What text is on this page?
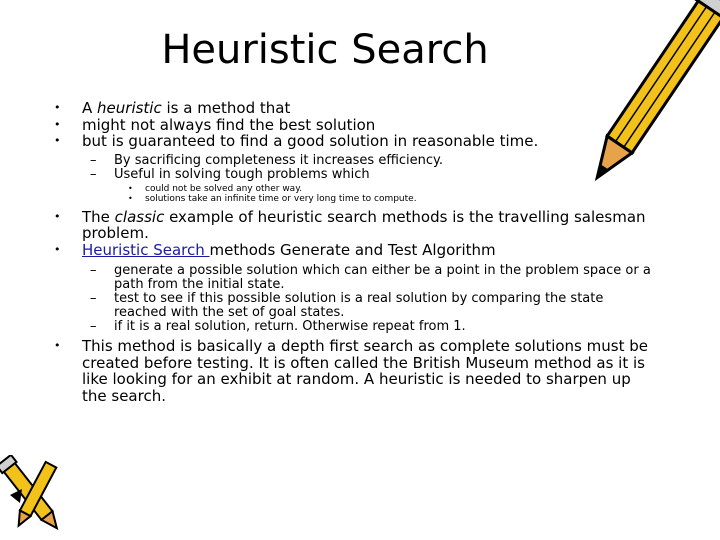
Heuristic Search
• A heuristic is a method that
• might not always find the best solution
• but is guaranteed to find a good solution in reasonable time.
– By sacrificing completeness it increases efficiency.
– Useful in solving tough problems which
• could not be solved any other way.
• solutions take an infinite time or very long time to compute.
• The classic example of heuristic search methods is the travelling salesman problem.
• Heuristic Search methods Generate and Test Algorithm
– generate a possible solution which can either be a point in the problem space or a path from the initial state.
– test to see if this possible solution is a real solution by comparing the state reached with the set of goal states.
– if it is a real solution, return. Otherwise repeat from 1.
• This method is basically a depth first search as complete solutions must be created before testing. It is often called the British Museum method as it is like looking for an exhibit at random. A heuristic is needed to sharpen up the search.
